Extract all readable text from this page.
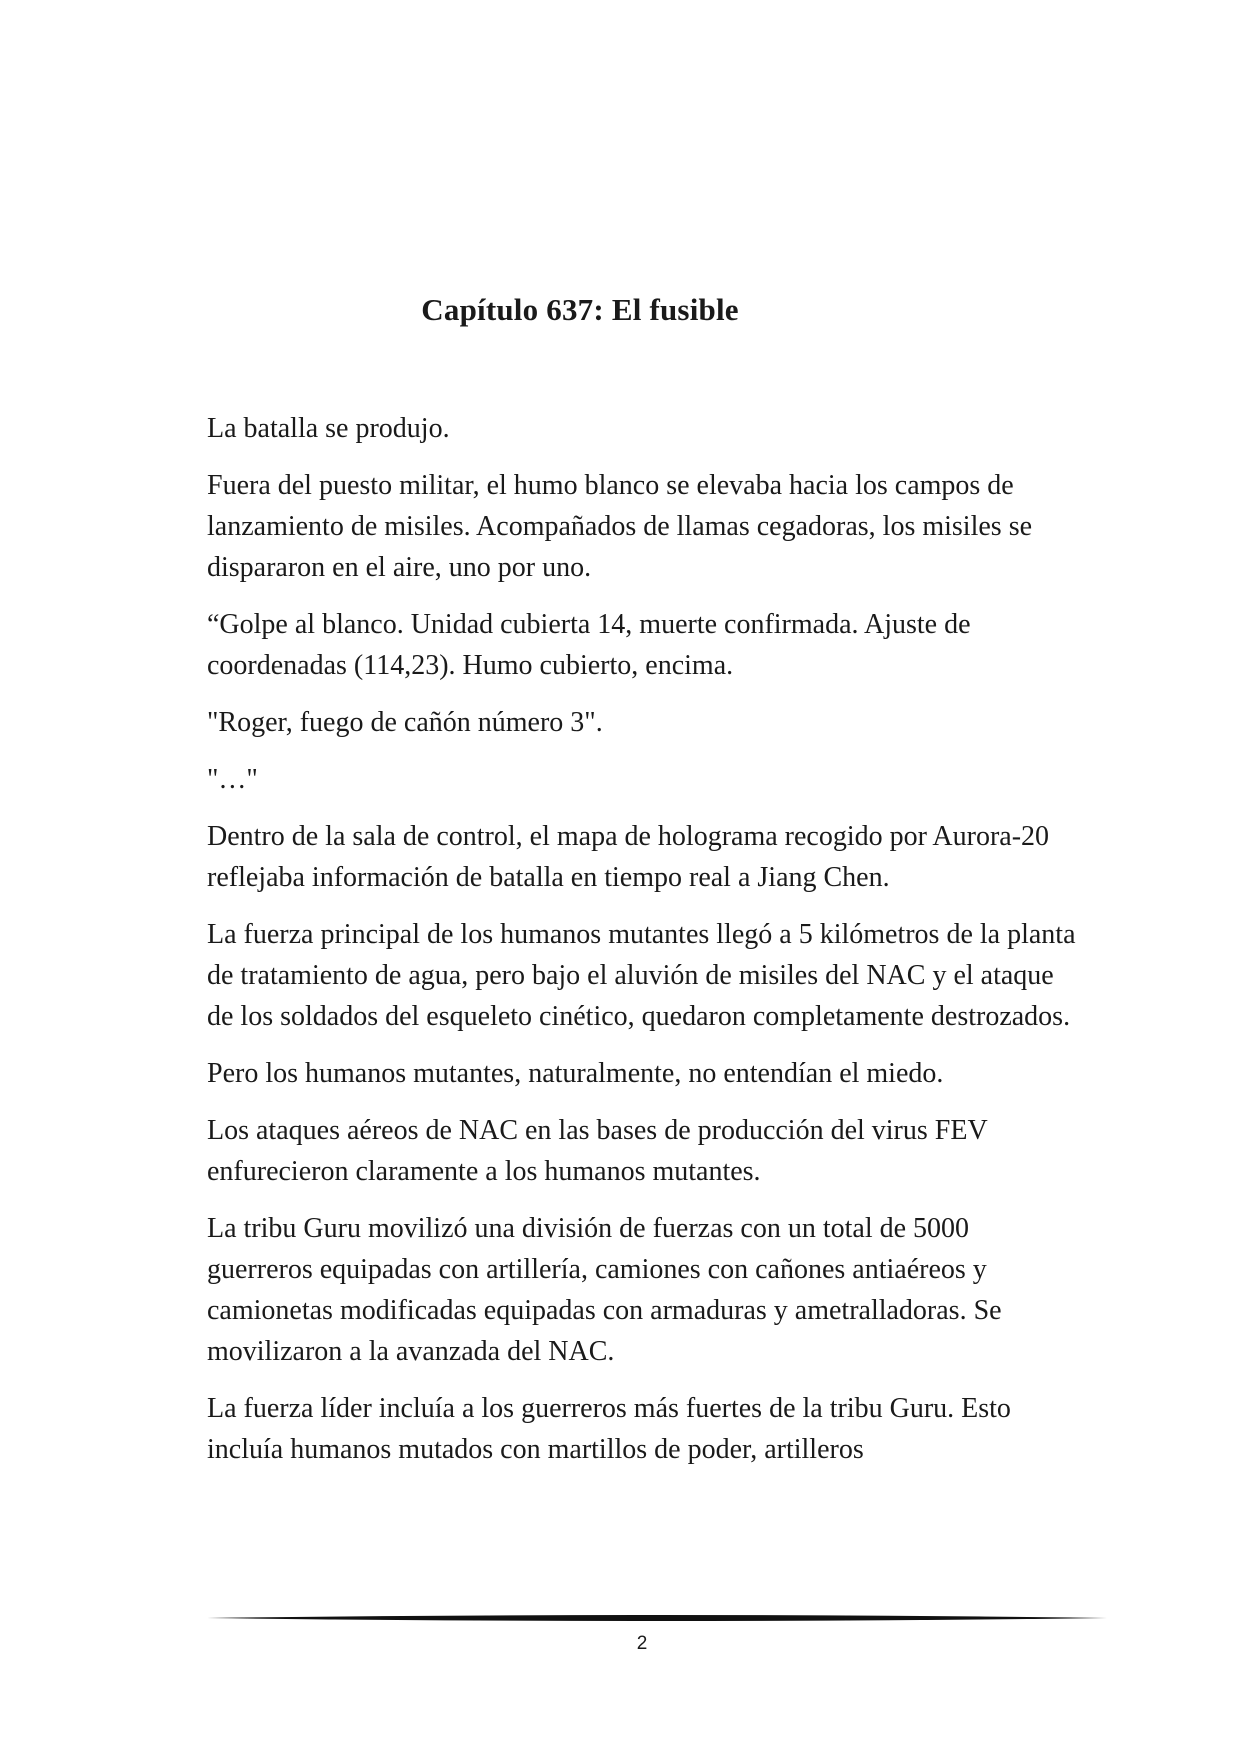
Capítulo 637: El fusible

La batalla se produjo.

Fuera del puesto militar, el humo blanco se elevaba hacia los campos de lanzamiento de misiles. Acompañados de llamas cegadoras, los misiles se dispararon en el aire, uno por uno.

“Golpe al blanco. Unidad cubierta 14, muerte confirmada. Ajuste de coordenadas (114,23). Humo cubierto, encima.

"Roger, fuego de cañón número 3".

"…"

Dentro de la sala de control, el mapa de holograma recogido por Aurora-20 reflejaba información de batalla en tiempo real a Jiang Chen.

La fuerza principal de los humanos mutantes llegó a 5 kilómetros de la planta de tratamiento de agua, pero bajo el aluvión de misiles del NAC y el ataque de los soldados del esqueleto cinético, quedaron completamente destrozados.

Pero los humanos mutantes, naturalmente, no entendían el miedo.

Los ataques aéreos de NAC en las bases de producción del virus FEV enfurecieron claramente a los humanos mutantes.

La tribu Guru movilizó una división de fuerzas con un total de 5000 guerreros equipadas con artillería, camiones con cañones antiaéreos y camionetas modificadas equipadas con armaduras y ametralladoras. Se movilizaron a la avanzada del NAC.

La fuerza líder incluía a los guerreros más fuertes de la tribu Guru. Esto incluía humanos mutados con martillos de poder, artilleros

2
